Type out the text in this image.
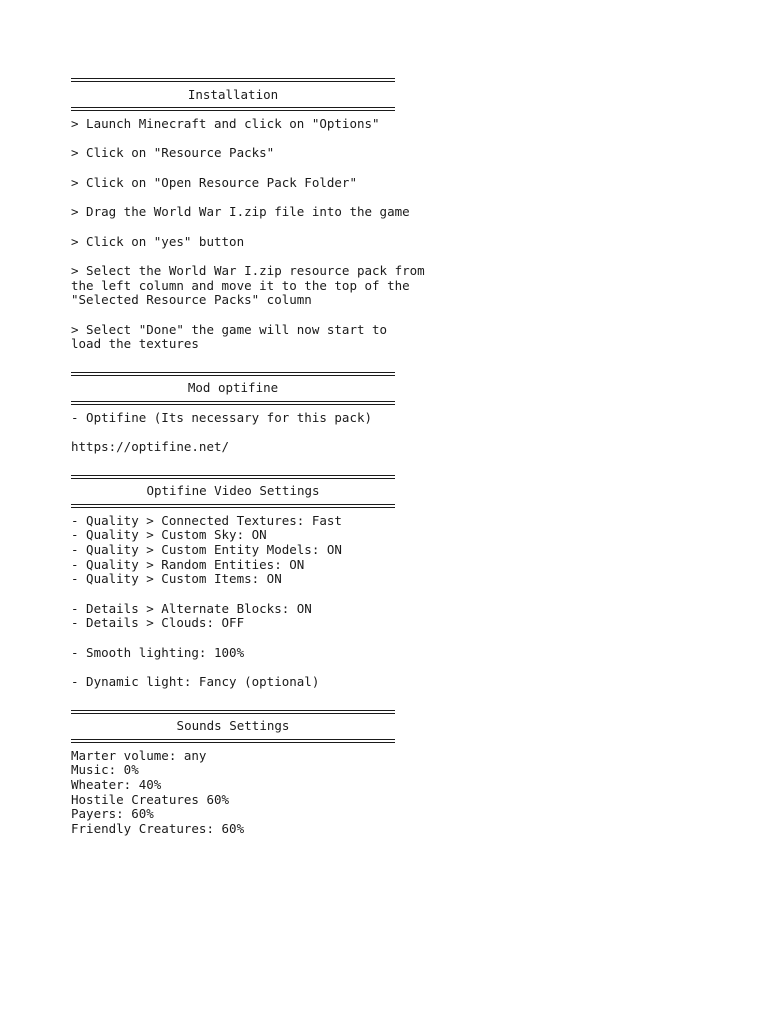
Installation
> Launch Minecraft and click on "Options"
> Click on "Resource Packs"
> Click on "Open Resource Pack Folder"
> Drag the World War I.zip file into the game
> Click on "yes" button
> Select the World War I.zip resource pack from
the left column and move it to the top of the
"Selected Resource Packs" column
> Select "Done" the game will now start to
load the textures
Mod optifine
- Optifine (Its necessary for this pack)
https://optifine.net/
Optifine Video Settings
- Quality > Connected Textures: Fast
- Quality > Custom Sky: ON
- Quality > Custom Entity Models: ON
- Quality > Random Entities: ON
- Quality > Custom Items: ON
- Details > Alternate Blocks: ON
- Details > Clouds: OFF
- Smooth lighting: 100%
- Dynamic light: Fancy (optional)
Sounds Settings
Marter volume: any
Music: 0%
Wheater: 40%
Hostile Creatures 60%
Payers: 60%
Friendly Creatures: 60%
